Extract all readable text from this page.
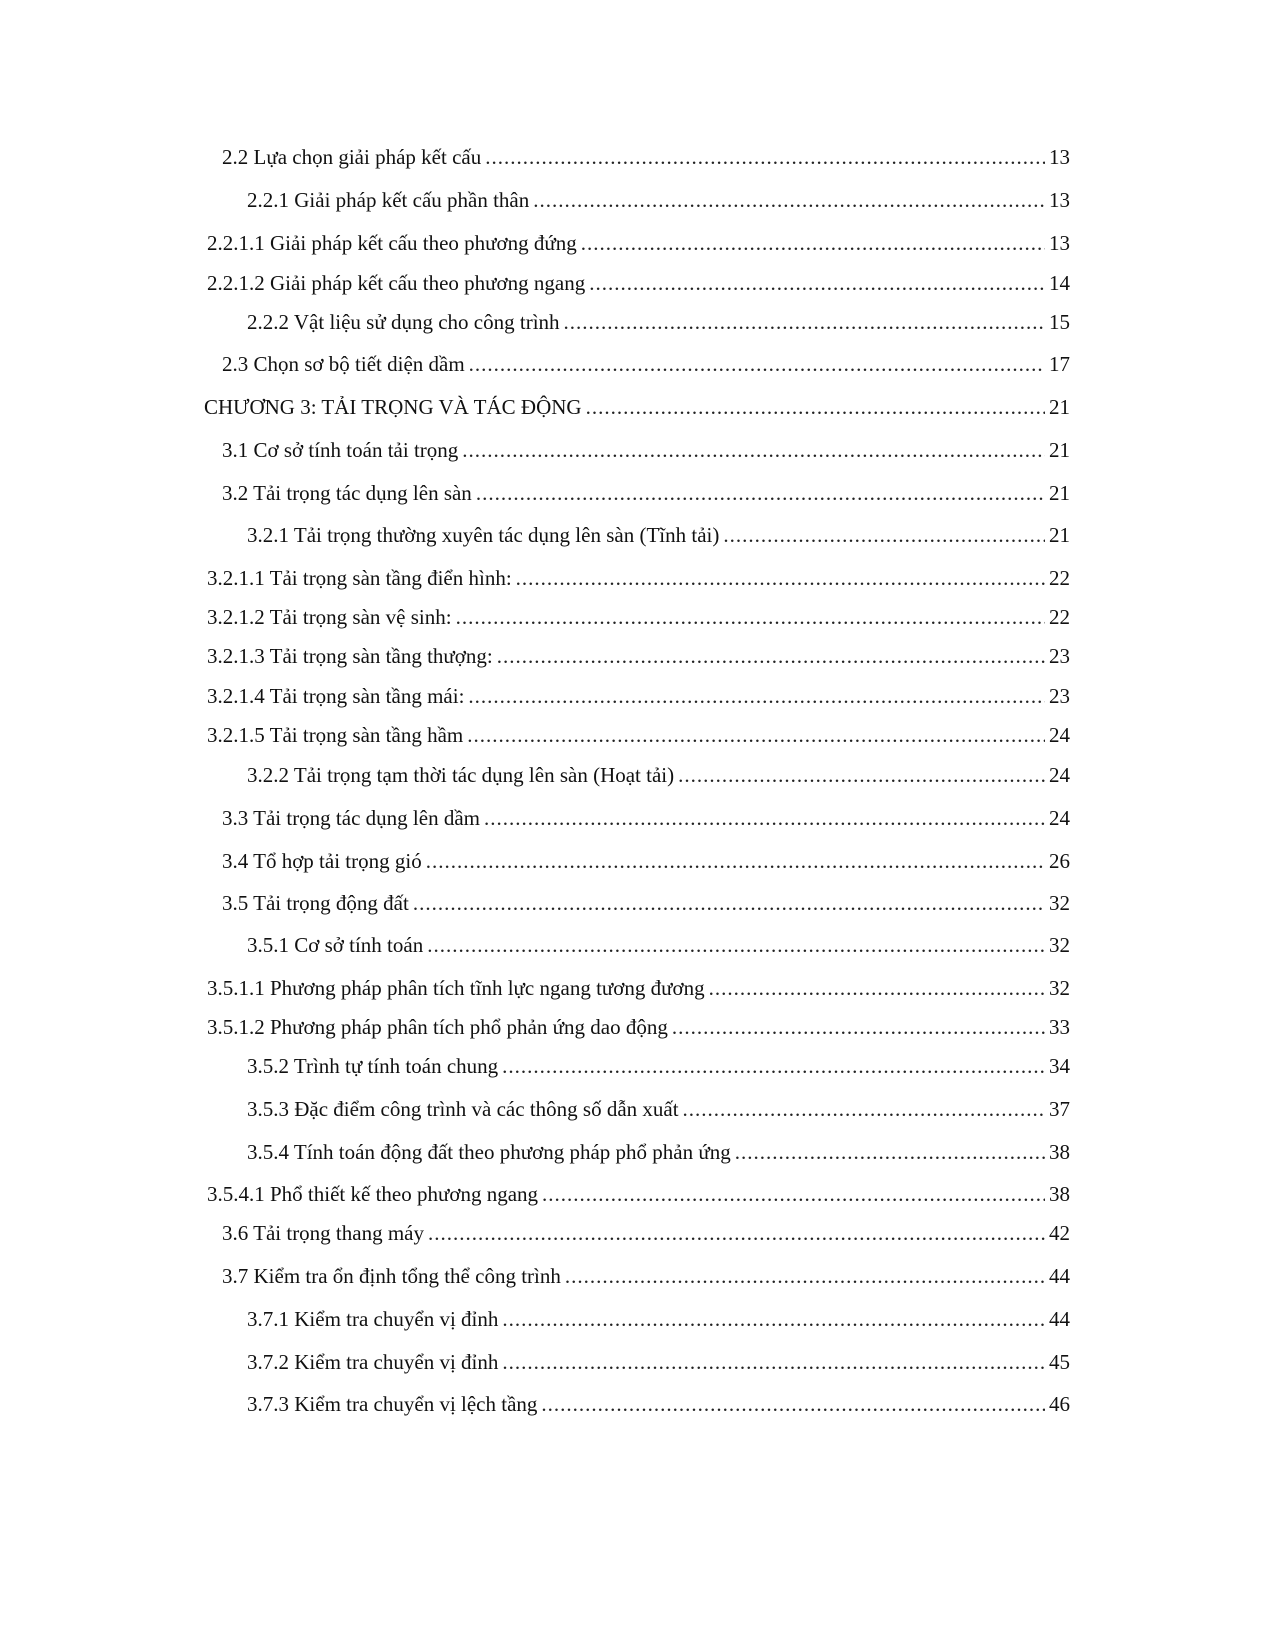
2.2 Lựa chọn giải pháp kết cấu .....	13
2.2.1 Giải pháp kết cấu phần thân .....	13
2.2.1.1 Giải pháp kết cấu theo phương đứng .....	13
2.2.1.2 Giải pháp kết cấu theo phương ngang .....	14
2.2.2 Vật liệu sử dụng cho công trình .....	15
2.3 Chọn sơ bộ tiết diện dầm .....	17
CHƯƠNG 3: TẢI TRỌNG VÀ TÁC ĐỘNG .....	21
3.1 Cơ sở tính toán tải trọng .....	21
3.2 Tải trọng tác dụng lên sàn .....	21
3.2.1 Tải trọng thường xuyên tác dụng lên sàn (Tĩnh tải) .....	21
3.2.1.1 Tải trọng sàn tầng điển hình: .....	22
3.2.1.2 Tải trọng sàn vệ sinh: .....	22
3.2.1.3 Tải trọng sàn tầng thượng: .....	23
3.2.1.4 Tải trọng sàn tầng mái: .....	23
3.2.1.5 Tải trọng sàn tầng hầm .....	24
3.2.2 Tải trọng tạm thời tác dụng lên sàn (Hoạt tải) .....	24
3.3 Tải trọng tác dụng lên dầm .....	24
3.4 Tổ hợp tải trọng gió .....	26
3.5 Tải trọng động đất .....	32
3.5.1 Cơ sở tính toán .....	32
3.5.1.1 Phương pháp phân tích tĩnh lực ngang tương đương .....	32
3.5.1.2 Phương pháp phân tích phổ phản ứng dao động .....	33
3.5.2 Trình tự tính toán chung .....	34
3.5.3 Đặc điểm công trình và các thông số dẫn xuất .....	37
3.5.4 Tính toán động đất theo phương pháp phổ phản ứng .....	38
3.5.4.1 Phổ thiết kế theo phương ngang .....	38
3.6 Tải trọng thang máy .....	42
3.7 Kiểm tra ổn định tổng thể công trình .....	44
3.7.1 Kiểm tra chuyển vị đỉnh .....	44
3.7.2 Kiểm tra chuyển vị đỉnh .....	45
3.7.3 Kiểm tra chuyển vị lệch tầng .....	46
